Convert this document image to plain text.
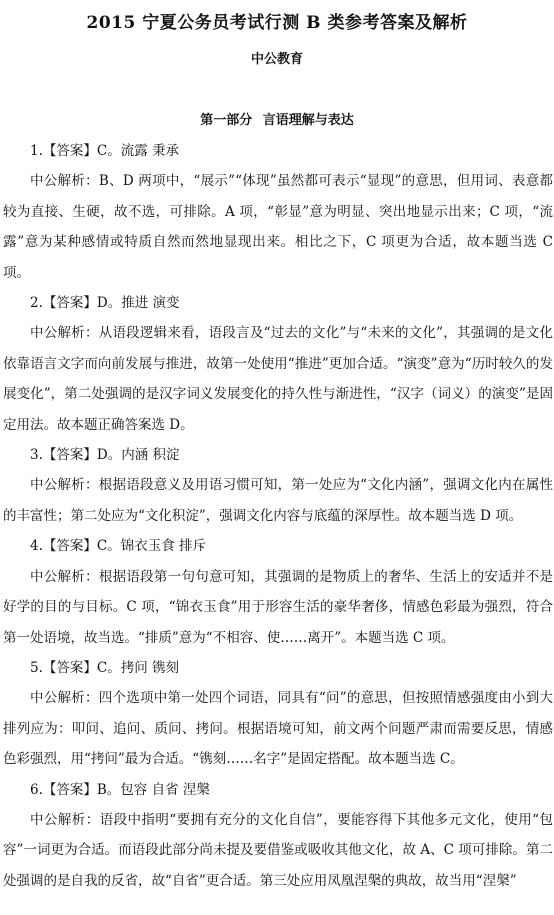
2015 宁夏公务员考试行测 B 类参考答案及解析
中公教育
第一部分 言语理解与表达

1.【答案】C。流露 秉承

中公解析：B、D 两项中，“展示”“体现”虽然都可表示“显现”的意思，但用词、表意都较为直接、生硬，故不选，可排除。A 项，“彰显”意为明显、突出地显示出来；C 项，“流露”意为某种感情或特质自然而然地显现出来。相比之下，C 项更为合适，故本题当选 C 项。

2.【答案】D。推进 演变

中公解析：从语段逻辑来看，语段言及“过去的文化”与“未来的文化”，其强调的是文化依靠语言文字而向前发展与推进，故第一处使用“推进”更加合适。“演变”意为“历时较久的发展变化”，第二处强调的是汉字词义发展变化的持久性与渐进性，“汉字（词义）的演变”是固定用法。故本题正确答案选 D。

3.【答案】D。内涵 积淀

中公解析：根据语段意义及用语习惯可知，第一处应为“文化内涵”，强调文化内在属性的丰富性；第二处应为“文化积淀”，强调文化内容与底蕴的深厚性。故本题当选 D 项。

4.【答案】C。锦衣玉食 排斥

中公解析：根据语段第一句句意可知，其强调的是物质上的奢华、生活上的安适并不是好学的目的与目标。C 项，“锦衣玉食”用于形容生活的豪华奢侈，情感色彩最为强烈，符合第一处语境，故当选。“排质”意为“不相容、使……离开”。本题当选 C 项。

5.【答案】C。拷问 镌刻

中公解析：四个选项中第一处四个词语，同具有“问”的意思，但按照情感强度由小到大排列应为：叩问、追问、质问、拷问。根据语境可知，前文两个问题严肃而需要反思，情感色彩强烈，用“拷问”最为合适。“镌刻……名字”是固定搭配。故本题当选 C。

6.【答案】B。包容 自省 涅槃

中公解析：语段中指明“要拥有充分的文化自信”，要能容得下其他多元文化，使用“包容”一词更为合适。而语段此部分尚未提及要借鉴或吸收其他文化，故 A、C 项可排除。第二处强调的是自我的反省，故“自省”更合适。第三处应用凤凰涅槃的典故，故当用“涅槃”
